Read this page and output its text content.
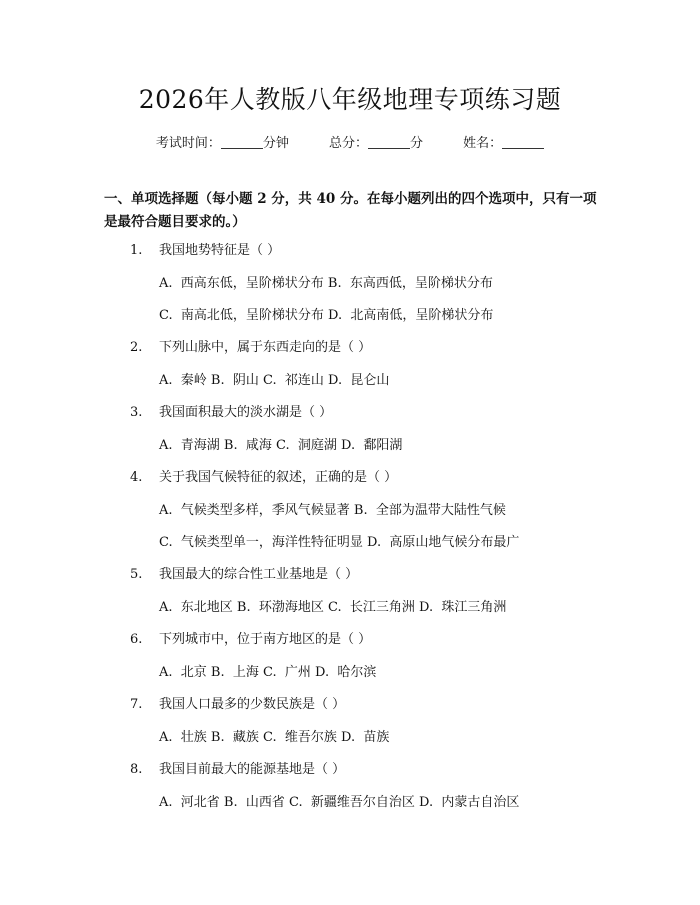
2026年人教版八年级地理专项练习题
考试时间：	分钟	总分：	分	姓名：
一、单项选择题（每小题 2 分，共 40 分。在每小题列出的四个选项中，只有一项是最符合题目要求的。）
1. 我国地势特征是（ ）
A.  西高东低，呈阶梯状分布 B.  东高西低，呈阶梯状分布
C.  南高北低，呈阶梯状分布 D.  北高南低，呈阶梯状分布
2. 下列山脉中，属于东西走向的是（ ）
A.  秦岭 B.  阴山 C.  祁连山 D.  昆仑山
3. 我国面积最大的淡水湖是（ ）
A.  青海湖 B.  咸海 C.  洞庭湖 D.  鄱阳湖
4. 关于我国气候特征的叙述，正确的是（ ）
A.  气候类型多样，季风气候显著 B.  全部为温带大陆性气候
C.  气候类型单一，海洋性特征明显 D.  高原山地气候分布最广
5. 我国最大的综合性工业基地是（ ）
A.  东北地区 B.  环渤海地区 C.  长江三角洲 D.  珠江三角洲
6. 下列城市中，位于南方地区的是（ ）
A.  北京 B.  上海 C.  广州 D.  哈尔滨
7. 我国人口最多的少数民族是（ ）
A.  壮族 B.  藏族 C.  维吾尔族 D.  苗族
8. 我国目前最大的能源基地是（ ）
A.  河北省 B.  山西省 C.  新疆维吾尔自治区 D.  内蒙古自治区
